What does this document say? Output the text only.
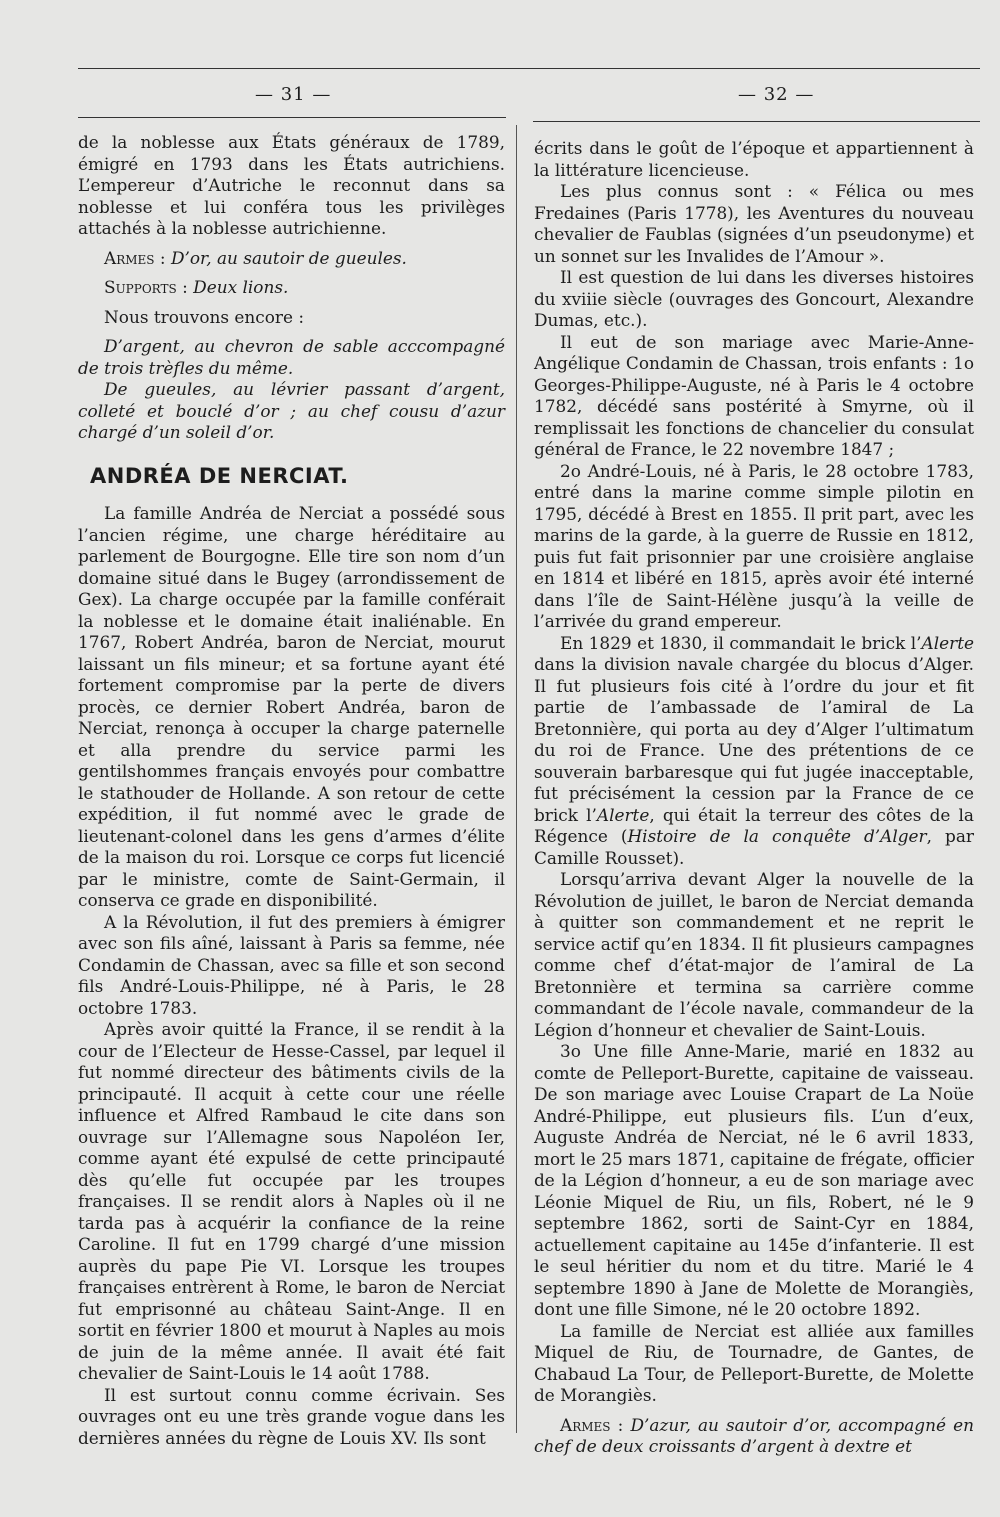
— 31 —	— 32 —

de la noblesse aux États généraux de 1789, émigré en 1793 dans les États autrichiens. L’empereur d’Autriche le reconnut dans sa noblesse et lui conféra tous les privilèges attachés à la noblesse autrichienne.

Armes : D’or, au sautoir de gueules.

Supports : Deux lions.

Nous trouvons encore :

D’argent, au chevron de sable acccompagné de trois trèfles du même.

De gueules, au lévrier passant d’argent, colleté et bouclé d’or ; au chef cousu d’azur chargé d’un soleil d’or.

ANDRÉA DE NERCIAT.

La famille Andréa de Nerciat a possédé sous l’ancien régime, une charge héréditaire au parlement de Bourgogne. Elle tire son nom d’un domaine situé dans le Bugey (arrondissement de Gex). La charge occupée par la famille conférait la noblesse et le domaine était inaliénable. En 1767, Robert Andréa, baron de Nerciat, mourut laissant un fils mineur; et sa fortune ayant été fortement compromise par la perte de divers procès, ce dernier Robert Andréa, baron de Nerciat, renonça à occuper la charge paternelle et alla prendre du service parmi les gentilshommes français envoyés pour combattre le stathouder de Hollande. A son retour de cette expédition, il fut nommé avec le grade de lieutenant-colonel dans les gens d’armes d’élite de la maison du roi. Lorsque ce corps fut licencié par le ministre, comte de Saint-Germain, il conserva ce grade en disponibilité.

A la Révolution, il fut des premiers à émigrer avec son fils aîné, laissant à Paris sa femme, née Condamin de Chassan, avec sa fille et son second fils André-Louis-Philippe, né à Paris, le 28 octobre 1783.

Après avoir quitté la France, il se rendit à la cour de l’Electeur de Hesse-Cassel, par lequel il fut nommé directeur des bâtiments civils de la principauté. Il acquit à cette cour une réelle influence et Alfred Rambaud le cite dans son ouvrage sur l’Allemagne sous Napoléon Ier, comme ayant été expulsé de cette principauté dès qu’elle fut occupée par les troupes françaises. Il se rendit alors à Naples où il ne tarda pas à acquérir la confiance de la reine Caroline. Il fut en 1799 chargé d’une mission auprès du pape Pie VI. Lorsque les troupes françaises entrèrent à Rome, le baron de Nerciat fut emprisonné au château Saint-Ange. Il en sortit en février 1800 et mourut à Naples au mois de juin de la même année. Il avait été fait chevalier de Saint-Louis le 14 août 1788.

Il est surtout connu comme écrivain. Ses ouvrages ont eu une très grande vogue dans les dernières années du règne de Louis XV. Ils sont

écrits dans le goût de l’époque et appartiennent à la littérature licencieuse.

Les plus connus sont : « Félica ou mes Fredaines (Paris 1778), les Aventures du nouveau chevalier de Faublas (signées d’un pseudonyme) et un sonnet sur les Invalides de l’Amour ».

Il est question de lui dans les diverses histoires du xviiie siècle (ouvrages des Goncourt, Alexandre Dumas, etc.).

Il eut de son mariage avec Marie-Anne-Angélique Condamin de Chassan, trois enfants : 1o Georges-Philippe-Auguste, né à Paris le 4 octobre 1782, décédé sans postérité à Smyrne, où il remplissait les fonctions de chancelier du consulat général de France, le 22 novembre 1847 ;

2o André-Louis, né à Paris, le 28 octobre 1783, entré dans la marine comme simple pilotin en 1795, décédé à Brest en 1855. Il prit part, avec les marins de la garde, à la guerre de Russie en 1812, puis fut fait prisonnier par une croisière anglaise en 1814 et libéré en 1815, après avoir été interné dans l’île de Saint-Hélène jusqu’à la veille de l’arrivée du grand empereur.

En 1829 et 1830, il commandait le brick l’Alerte dans la division navale chargée du blocus d’Alger. Il fut plusieurs fois cité à l’ordre du jour et fit partie de l’ambassade de l’amiral de La Bretonnière, qui porta au dey d’Alger l’ultimatum du roi de France. Une des prétentions de ce souverain barbaresque qui fut jugée inacceptable, fut précisément la cession par la France de ce brick l’Alerte, qui était la terreur des côtes de la Régence (Histoire de la conquête d’Alger, par Camille Rousset).

Lorsqu’arriva devant Alger la nouvelle de la Révolution de juillet, le baron de Nerciat demanda à quitter son commandement et ne reprit le service actif qu’en 1834. Il fit plusieurs campagnes comme chef d’état-major de l’amiral de La Bretonnière et termina sa carrière comme commandant de l’école navale, commandeur de la Légion d’honneur et chevalier de Saint-Louis.

3o Une fille Anne-Marie, marié en 1832 au comte de Pelleport-Burette, capitaine de vaisseau. De son mariage avec Louise Crapart de La Noüe André-Philippe, eut plusieurs fils. L’un d’eux, Auguste Andréa de Nerciat, né le 6 avril 1833, mort le 25 mars 1871, capitaine de frégate, officier de la Légion d’honneur, a eu de son mariage avec Léonie Miquel de Riu, un fils, Robert, né le 9 septembre 1862, sorti de Saint-Cyr en 1884, actuellement capitaine au 145e d’infanterie. Il est le seul héritier du nom et du titre. Marié le 4 septembre 1890 à Jane de Molette de Morangiès, dont une fille Simone, né le 20 octobre 1892.

La famille de Nerciat est alliée aux familles Miquel de Riu, de Tournadre, de Gantes, de Chabaud La Tour, de Pelleport-Burette, de Molette de Morangiès.

Armes : D’azur, au sautoir d’or, accompagné en chef de deux croissants d’argent à dextre et
